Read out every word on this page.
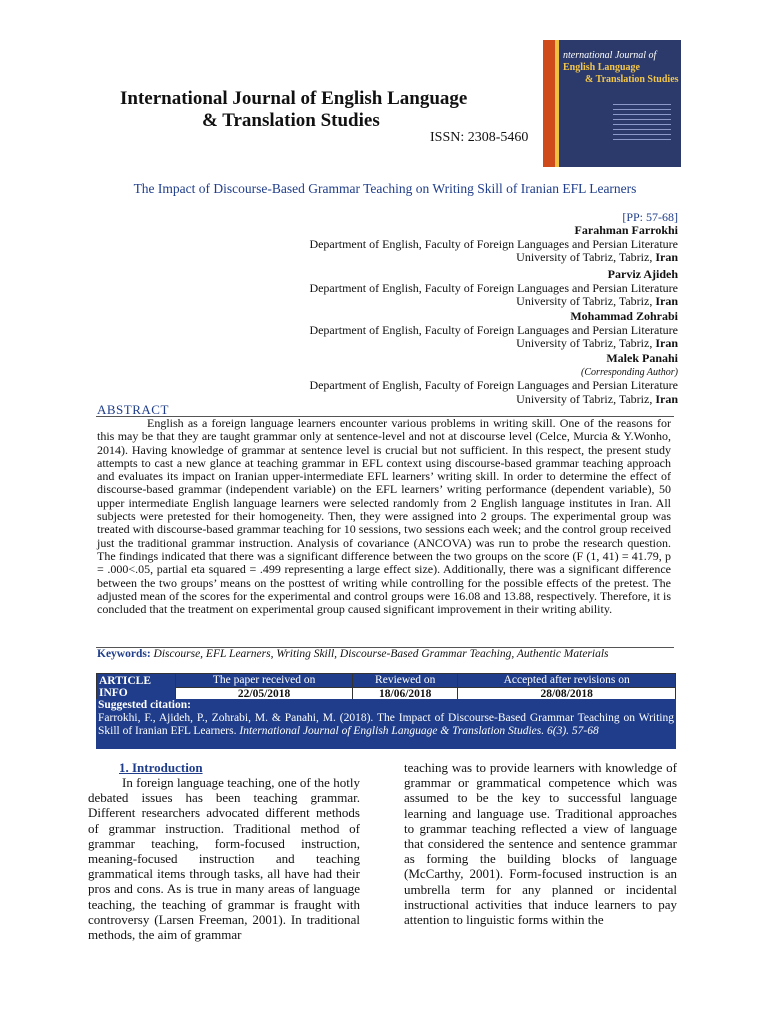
International Journal of English Language
& Translation Studies
ISSN: 2308-5460
nternational Journal of
English Language
& Translation Studies
The Impact of Discourse-Based Grammar Teaching on Writing Skill of Iranian EFL Learners
[PP: 57-68]
Farahman Farrokhi
Department of English, Faculty of Foreign Languages and Persian Literature
University of Tabriz, Tabriz, Iran
Parviz Ajideh
Department of English, Faculty of Foreign Languages and Persian Literature
University of Tabriz, Tabriz, Iran
Mohammad Zohrabi
Department of English, Faculty of Foreign Languages and Persian Literature
University of Tabriz, Tabriz, Iran
Malek Panahi
(Corresponding Author)
Department of English, Faculty of Foreign Languages and Persian Literature
University of Tabriz, Tabriz, Iran
ABSTRACT

English as a foreign language learners encounter various problems in writing skill. One of the reasons for this may be that they are taught grammar only at sentence-level and not at discourse level (Celce, Murcia & Y.Wonho, 2014). Having knowledge of grammar at sentence level is crucial but not sufficient. In this respect, the present study attempts to cast a new glance at teaching grammar in EFL context using discourse-based grammar teaching approach and evaluates its impact on Iranian upper-intermediate EFL learners’ writing skill. In order to determine the effect of discourse-based grammar (independent variable) on the EFL learners’ writing performance (dependent variable), 50 upper intermediate English language learners were selected randomly from 2 English language institutes in Iran. All subjects were pretested for their homogeneity. Then, they were assigned into 2 groups. The experimental group was treated with discourse-based grammar teaching for 10 sessions, two sessions each week; and the control group received just the traditional grammar instruction. Analysis of covariance (ANCOVA) was run to probe the research question. The findings indicated that there was a significant difference between the two groups on the score (F (1, 41) = 41.79, p = .000<.05, partial eta squared = .499 representing a large effect size). Additionally, there was a significant difference between the two groups’ means on the posttest of writing while controlling for the possible effects of the pretest. The adjusted mean of the scores for the experimental and control groups were 16.08 and 13.88, respectively. Therefore, it is concluded that the treatment on experimental group caused significant improvement in their writing ability.

Keywords: Discourse, EFL Learners, Writing Skill, Discourse-Based Grammar Teaching, Authentic Materials
ARTICLE INFO	The paper received on	Reviewed on	Accepted after revisions on
	22/05/2018	18/06/2018	28/08/2018
Suggested citation:
Farrokhi, F., Ajideh, P., Zohrabi, M. & Panahi, M. (2018). The Impact of Discourse-Based Grammar Teaching on Writing Skill of Iranian EFL Learners. International Journal of English Language & Translation Studies. 6(3). 57-68
1. Introduction

In foreign language teaching, one of the hotly debated issues has been teaching grammar. Different researchers advocated different methods of grammar instruction. Traditional method of grammar teaching, form-focused instruction, meaning-focused instruction and teaching grammatical items through tasks, all have had their pros and cons. As is true in many areas of language teaching, the teaching of grammar is fraught with controversy (Larsen Freeman, 2001). In traditional methods, the aim of grammar

teaching was to provide learners with knowledge of grammar or grammatical competence which was assumed to be the key to successful language learning and language use. Traditional approaches to grammar teaching reflected a view of language that considered the sentence and sentence grammar as forming the building blocks of language (McCarthy, 2001). Form-focused instruction is an umbrella term for any planned or incidental instructional activities that induce learners to pay attention to linguistic forms within the
